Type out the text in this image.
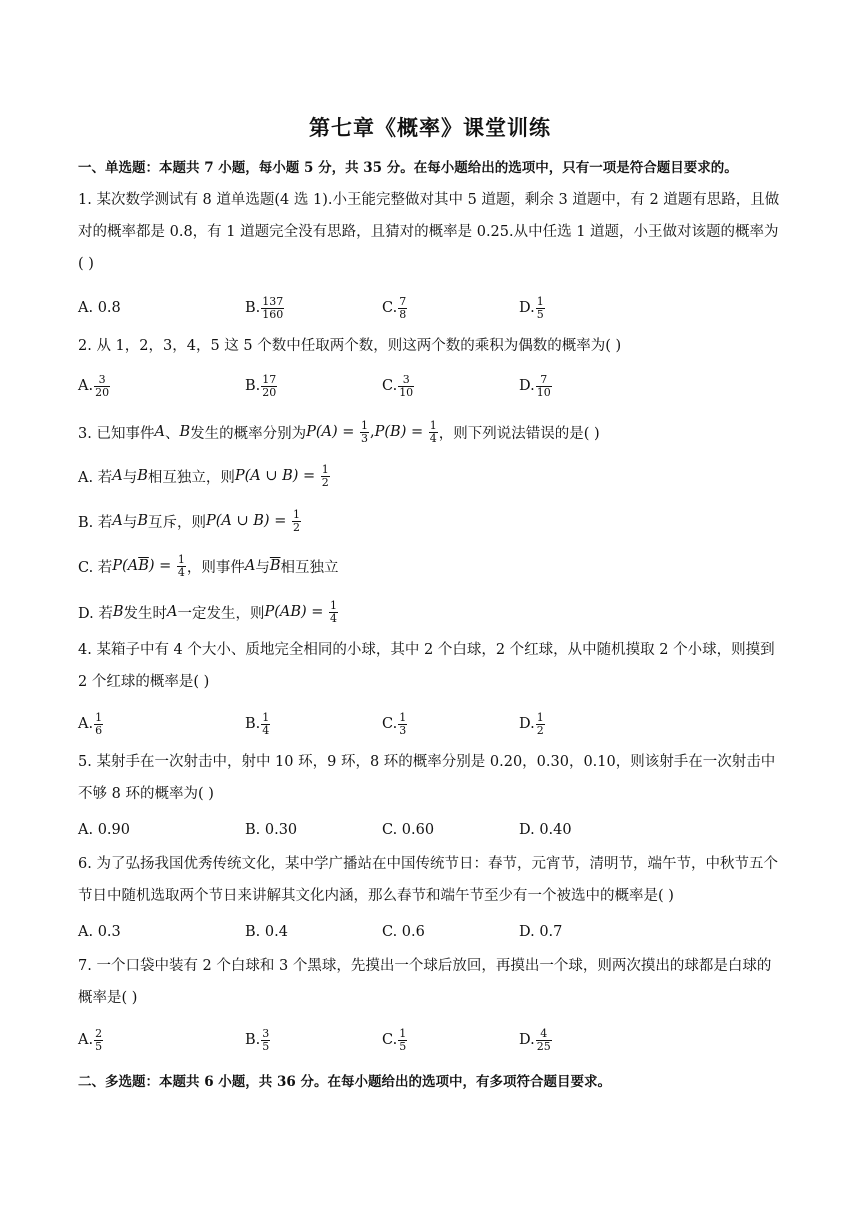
第七章《概率》课堂训练
一、单选题：本题共 7 小题，每小题 5 分，共 35 分。在每小题给出的选项中，只有一项是符合题目要求的。
1. 某次数学测试有 8 道单选题(4 选 1).小王能完整做对其中 5 道题，剩余 3 道题中，有 2 道题有思路，且做对的概率都是 0.8，有 1 道题完全没有思路，且猜对的概率是 0.25.从中任选 1 道题，小王做对该题的概率为( )
A. 0.8	B. $\frac{137}{160}$	C. $\frac{7}{8}$	D. $\frac{1}{5}$
2. 从 1，2，3，4，5 这 5 个数中任取两个数，则这两个数的乘积为偶数的概率为( )
A. $\frac{3}{20}$	B. $\frac{17}{20}$	C. $\frac{3}{10}$	D. $\frac{7}{10}$
3. 已知事件 A 、 B 发生的概率分别为 P(A) =
$\frac{1}{3}$ , P(B) =
$\frac{1}{4}$ ，则下列说法错误的是( )
A. 若 A 与 B 相互独立，则 P(A ∪ B) =
$\frac{1}{2}$
B. 若 A 与 B 互斥，则 P(A ∪ B) =
$\frac{1}{2}$
C. 若 P(A $\overline{B}$ ) =
$\frac{1}{4}$ ，则事件 A 与 $\overline{B}$ 相互独立
D. 若 B 发生时 A 一定发生，则 P(AB) =
$\frac{1}{4}$
4. 某箱子中有 4 个大小、质地完全相同的小球，其中 2 个白球，2 个红球，从中随机摸取 2 个小球，则摸到 2 个红球的概率是( )
A. $\frac{1}{6}$	B. $\frac{1}{4}$	C. $\frac{1}{3}$	D. $\frac{1}{2}$
5. 某射手在一次射击中，射中 10 环，9 环，8 环的概率分别是 0.20，0.30，0.10，则该射手在一次射击中不够 8 环的概率为( )
A. 0.90	B. 0.30	C. 0.60	D. 0.40
6. 为了弘扬我国优秀传统文化，某中学广播站在中国传统节日：春节，元宵节，清明节，端午节，中秋节五个节日中随机选取两个节日来讲解其文化内涵，那么春节和端午节至少有一个被选中的概率是( )
A. 0.3	B. 0.4	C. 0.6	D. 0.7
7. 一个口袋中装有 2 个白球和 3 个黑球，先摸出一个球后放回，再摸出一个球，则两次摸出的球都是白球的概率是( )
A. $\frac{2}{5}$	B. $\frac{3}{5}$	C. $\frac{1}{5}$	D. $\frac{4}{25}$
二、多选题：本题共 6 小题，共 36 分。在每小题给出的选项中，有多项符合题目要求。
